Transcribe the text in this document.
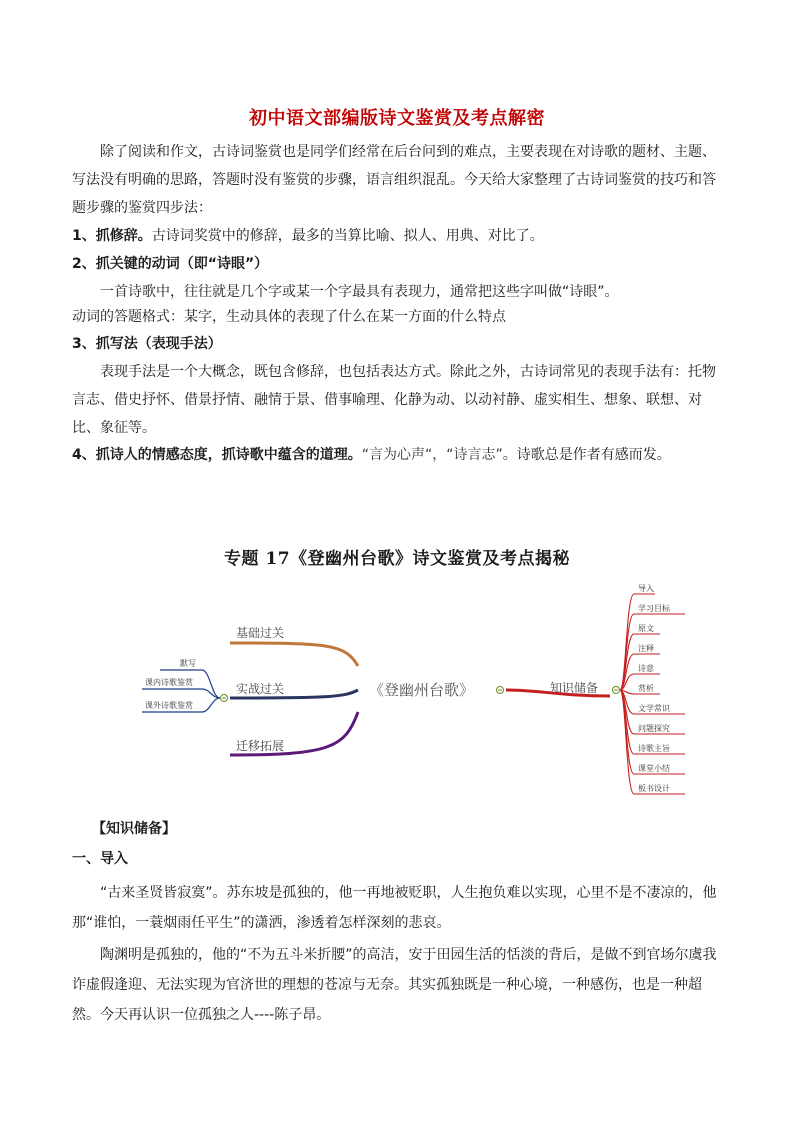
初中语文部编版诗文鉴赏及考点解密

除了阅读和作文，古诗词鉴赏也是同学们经常在后台问到的难点，主要表现在对诗歌的题材、主题、写法没有明确的思路，答题时没有鉴赏的步骤，语言组织混乱。今天给大家整理了古诗词鉴赏的技巧和答题步骤的鉴赏四步法：

1、抓修辞。古诗词奖赏中的修辞，最多的当算比喻、拟人、用典、对比了。

2、抓关键的动词（即“诗眼”）

一首诗歌中，往往就是几个字或某一个字最具有表现力，通常把这些字叫做“诗眼”。

动词的答题格式：某字，生动具体的表现了什么在某一方面的什么特点

3、抓写法（表现手法）

表现手法是一个大概念，既包含修辞，也包括表达方式。除此之外，古诗词常见的表现手法有：托物言志、借史抒怀、借景抒情、融情于景、借事喻理、化静为动、以动衬静、虚实相生、想象、联想、对比、象征等。

4、抓诗人的情感态度，抓诗歌中蕴含的道理。“言为心声“，“诗言志”。诗歌总是作者有感而发。

专题 17《登幽州台歌》诗文鉴赏及考点揭秘
基础过关
实战过关
迁移拓展
默写
课内诗歌鉴赏
课外诗歌鉴赏
《登幽州台歌》	知识储备
导入
学习目标
原文
注释
诗意
赏析
文学常识
问题探究
诗歌主旨
课堂小结
板书设计

【知识储备】

一、导入

“古来圣贤皆寂寞”。苏东坡是孤独的，他一再地被贬职，人生抱负难以实现，心里不是不凄凉的，他那“谁怕，一蓑烟雨任平生”的潇洒，渗透着怎样深刻的悲哀。

陶渊明是孤独的，他的“不为五斗米折腰”的高洁，安于田园生活的恬淡的背后，是做不到官场尔虞我诈虚假逢迎、无法实现为官济世的理想的苍凉与无奈。其实孤独既是一种心境，一种感伤，也是一种超然。今天再认识一位孤独之人----陈子昂。
